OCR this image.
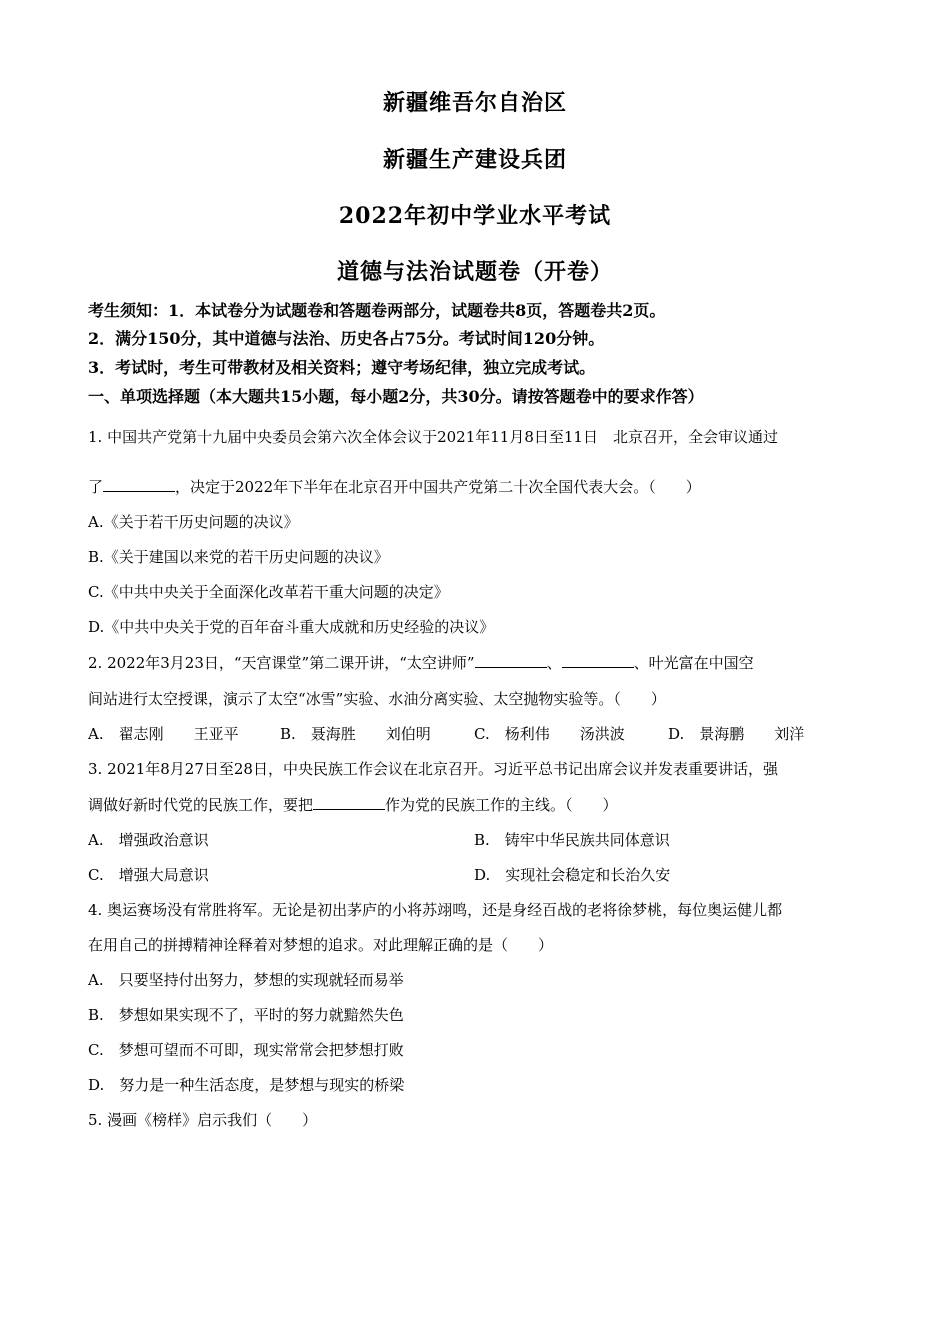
新疆维吾尔自治区
新疆生产建设兵团
2022年初中学业水平考试
道德与法治试题卷（开卷）
考生须知：1．本试卷分为试题卷和答题卷两部分，试题卷共8页，答题卷共2页。
2．满分150分，其中道德与法治、历史各占75分。考试时间120分钟。
3．考试时，考生可带教材及相关资料；遵守考场纪律，独立完成考试。
一、单项选择题（本大题共15小题，每小题2分，共30分。请按答题卷中的要求作答）
1. 中国共产党第十九届中央委员会第六次全体会议于2021年11月8日至11日　北京召开，全会审议通过
了	，决定于2022年下半年在北京召开中国共产党第二十次全国代表大会。（　　）
A.《关于若干历史问题的决议》
B.《关于建国以来党的若干历史问题的决议》
C.《中共中央关于全面深化改革若干重大问题的决定》
D.《中共中央关于党的百年奋斗重大成就和历史经验的决议》
2. 2022年3月23日，“天宫课堂”第二课开讲，“太空讲师”	、	、叶光富在中国空
间站进行太空授课，演示了太空“冰雪”实验、水油分离实验、太空抛物实验等。（　　）
A.　翟志刚　　王亚平	B.　聂海胜　　刘伯明	C.　杨利伟　　汤洪波	D.　景海鹏　　刘洋
3. 2021年8月27日至28日，中央民族工作会议在北京召开。习近平总书记出席会议并发表重要讲话，强
调做好新时代党的民族工作，要把	作为党的民族工作的主线。（　　）
A.　增强政治意识	B.　铸牢中华民族共同体意识
C.　增强大局意识	D.　实现社会稳定和长治久安
4. 奥运赛场没有常胜将军。无论是初出茅庐的小将苏翊鸣，还是身经百战的老将徐梦桃，每位奥运健儿都
在用自己的拼搏精神诠释着对梦想的追求。对此理解正确的是（　　）
A.　只要坚持付出努力，梦想的实现就轻而易举
B.　梦想如果实现不了，平时的努力就黯然失色
C.　梦想可望而不可即，现实常常会把梦想打败
D.　努力是一种生活态度，是梦想与现实的桥梁
5. 漫画《榜样》启示我们（　　）
